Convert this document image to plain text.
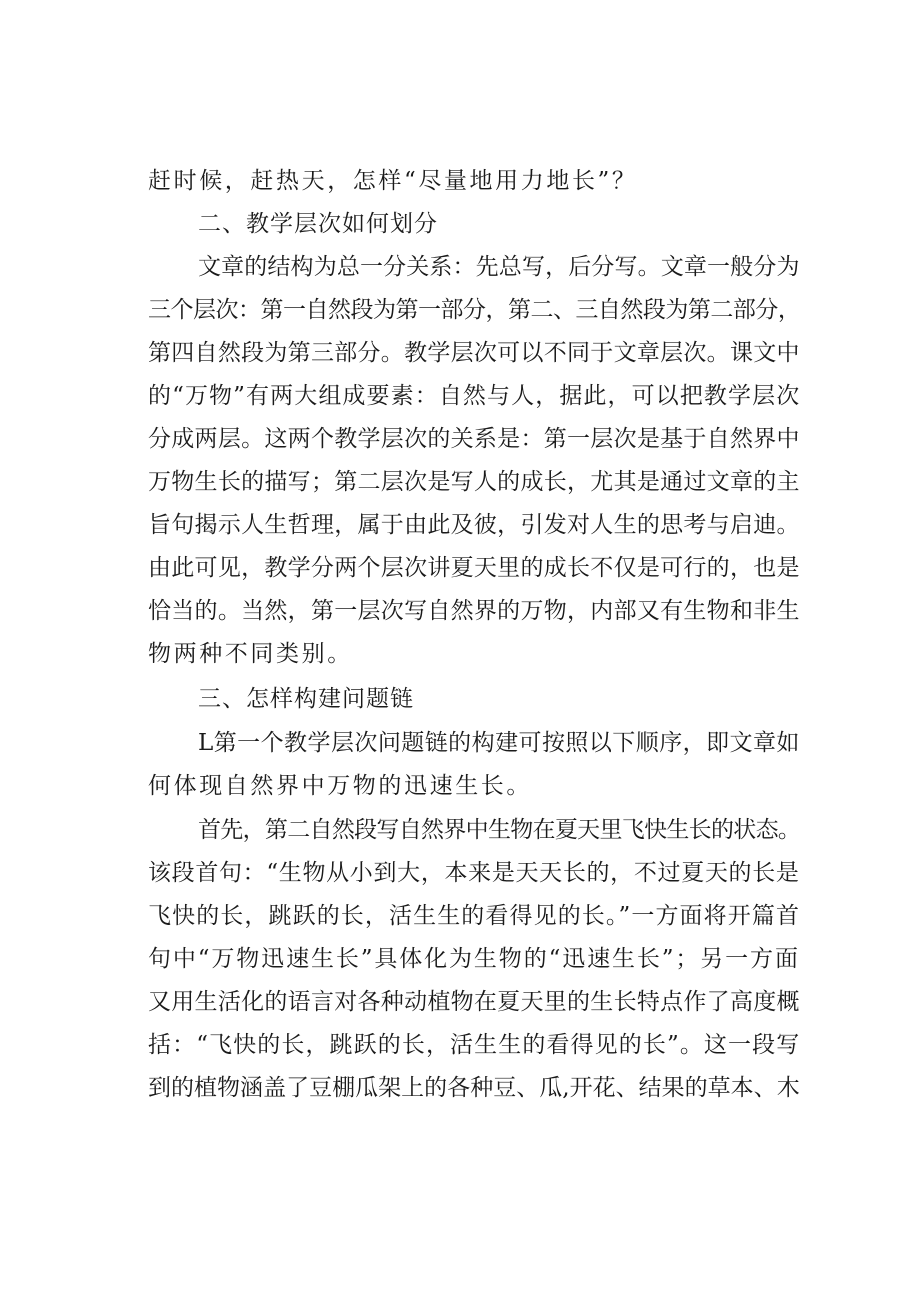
赶时候，赶热天，怎样“尽量地用力地长”？
二、教学层次如何划分
文章的结构为总一分关系：先总写，后分写。文章一般分为
三个层次：第一自然段为第一部分，第二、三自然段为第二部分，
第四自然段为第三部分。教学层次可以不同于文章层次。课文中
的“万物”有两大组成要素：自然与人，据此，可以把教学层次
分成两层。这两个教学层次的关系是：第一层次是基于自然界中
万物生长的描写；第二层次是写人的成长，尤其是通过文章的主
旨句揭示人生哲理，属于由此及彼，引发对人生的思考与启迪。
由此可见，教学分两个层次讲夏天里的成长不仅是可行的，也是
恰当的。当然，第一层次写自然界的万物，内部又有生物和非生
物两种不同类别。
三、怎样构建问题链
L第一个教学层次问题链的构建可按照以下顺序，即文章如
何体现自然界中万物的迅速生长。
首先，第二自然段写自然界中生物在夏天里飞快生长的状态。
该段首句：“生物从小到大，本来是天天长的，不过夏天的长是
飞快的长，跳跃的长，活生生的看得见的长。”一方面将开篇首
句中“万物迅速生长”具体化为生物的“迅速生长”；另一方面
又用生活化的语言对各种动植物在夏天里的生长特点作了高度概
括：“飞快的长，跳跃的长，活生生的看得见的长”。这一段写
到的植物涵盖了豆棚瓜架上的各种豆、瓜,开花、结果的草本、木
